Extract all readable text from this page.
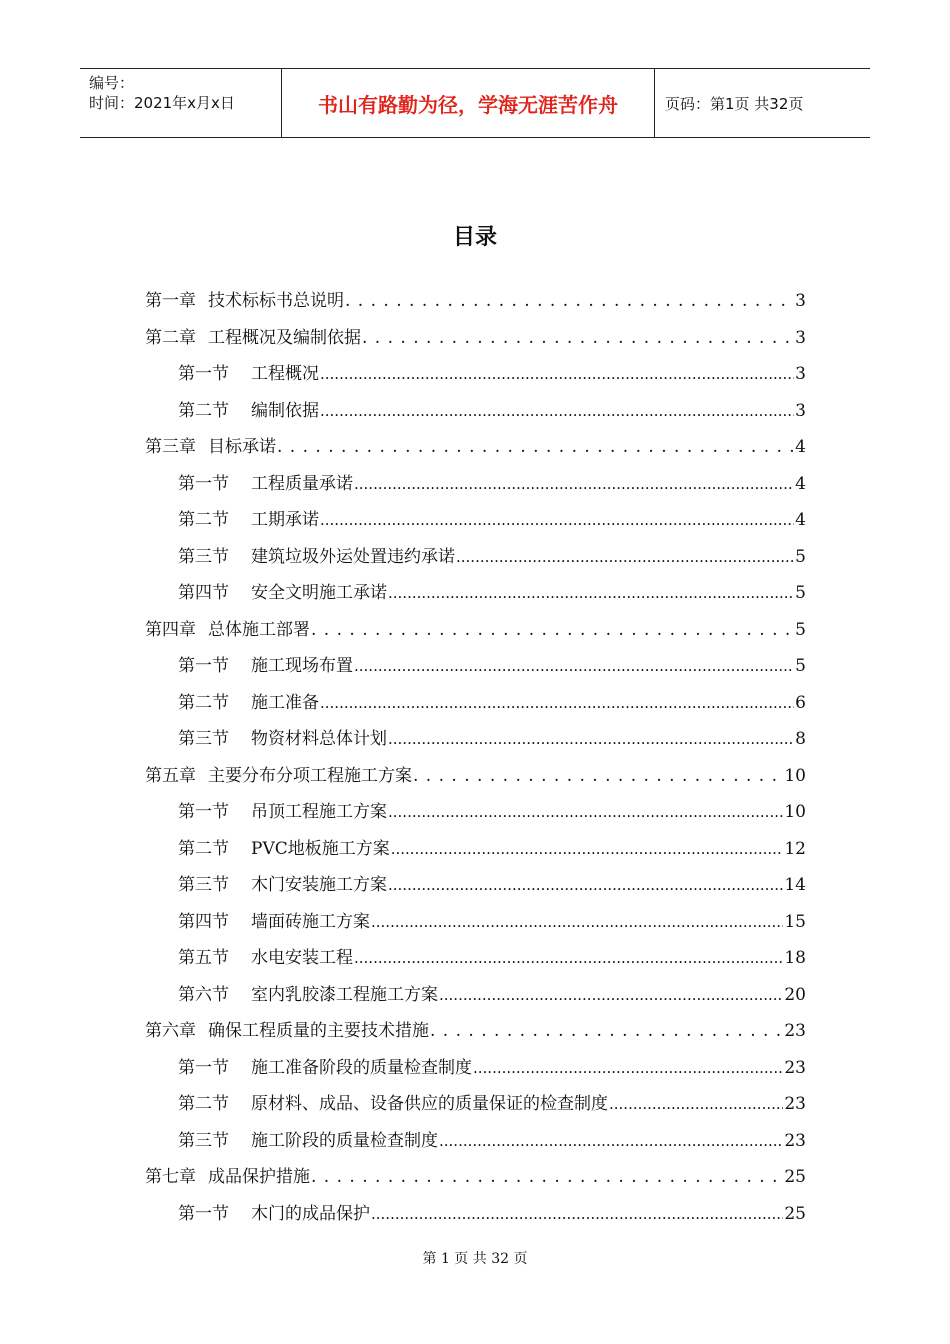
编号：
时间：2021年x月x日	书山有路勤为径，学海无涯苦作舟	页码：第1页 共32页
目录
第一章 技术标标书总说明 . . .	3
第二章 工程概况及编制依据 . . .	3
第一节 工程概况 .....	3
第二节 编制依据 .....	3
第三章 目标承诺 . . .	4
第一节 工程质量承诺 .....	4
第二节 工期承诺 .....	4
第三节 建筑垃圾外运处置违约承诺 .....	5
第四节 安全文明施工承诺 .....	5
第四章 总体施工部署 . . .	5
第一节 施工现场布置 .....	5
第二节 施工准备 .....	6
第三节 物资材料总体计划 .....	8
第五章 主要分布分项工程施工方案 . . .	10
第一节 吊顶工程施工方案 .....	10
第二节 PVC地板施工方案 .....	12
第三节 木门安装施工方案 .....	14
第四节 墙面砖施工方案 .....	15
第五节 水电安装工程 .....	18
第六节 室内乳胶漆工程施工方案 .....	20
第六章 确保工程质量的主要技术措施 . . .	23
第一节 施工准备阶段的质量检查制度 .....	23
第二节 原材料、成品、设备供应的质量保证的检查制度 .....	23
第三节 施工阶段的质量检查制度 .....	23
第七章 成品保护措施 . . .	25
第一节 木门的成品保护 .....	25
第 1 页 共 32 页
